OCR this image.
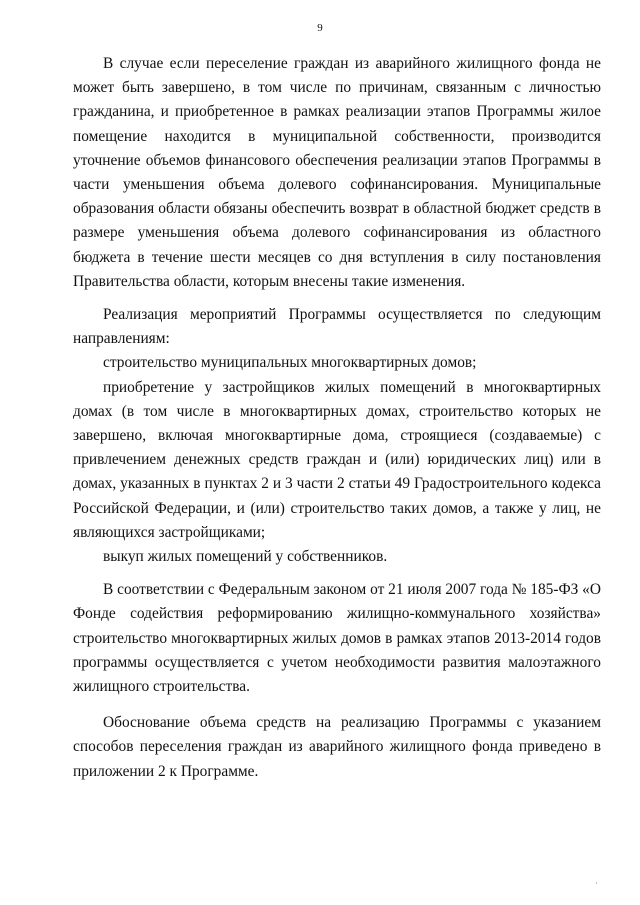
9

В случае если переселение граждан из аварийного жилищного фонда не может быть завершено, в том числе по причинам, связанным с личностью гражданина, и приобретенное в рамках реализации этапов Программы жилое помещение находится в муниципальной собственности, производится уточнение объемов финансового обеспечения реализации этапов Программы в части уменьшения объема долевого софинансирования. Муниципальные образования области обязаны обеспечить возврат в областной бюджет средств в размере уменьшения объема долевого софинансирования из областного бюджета в течение шести месяцев со дня вступления в силу постановления Правительства области, которым внесены такие изменения.

Реализация мероприятий Программы осуществляется по следующим направлениям:

строительство муниципальных многоквартирных домов;

приобретение у застройщиков жилых помещений в многоквартирных домах (в том числе в многоквартирных домах, строительство которых не завершено, включая многоквартирные дома, строящиеся (создаваемые) с привлечением денежных средств граждан и (или) юридических лиц) или в домах, указанных в пунктах 2 и 3 части 2 статьи 49 Градостроительного кодекса Российской Федерации, и (или) строительство таких домов, а также у лиц, не являющихся застройщиками;

выкуп жилых помещений у собственников.

В соответствии с Федеральным законом от 21 июля 2007 года № 185-ФЗ «О Фонде содействия реформированию жилищно-коммунального хозяйства» строительство многоквартирных жилых домов в рамках этапов 2013-2014 годов программы осуществляется с учетом необходимости развития малоэтажного жилищного строительства.

Обоснование объема средств на реализацию Программы с указанием способов переселения граждан из аварийного жилищного фонда приведено в приложении 2 к Программе.

·
